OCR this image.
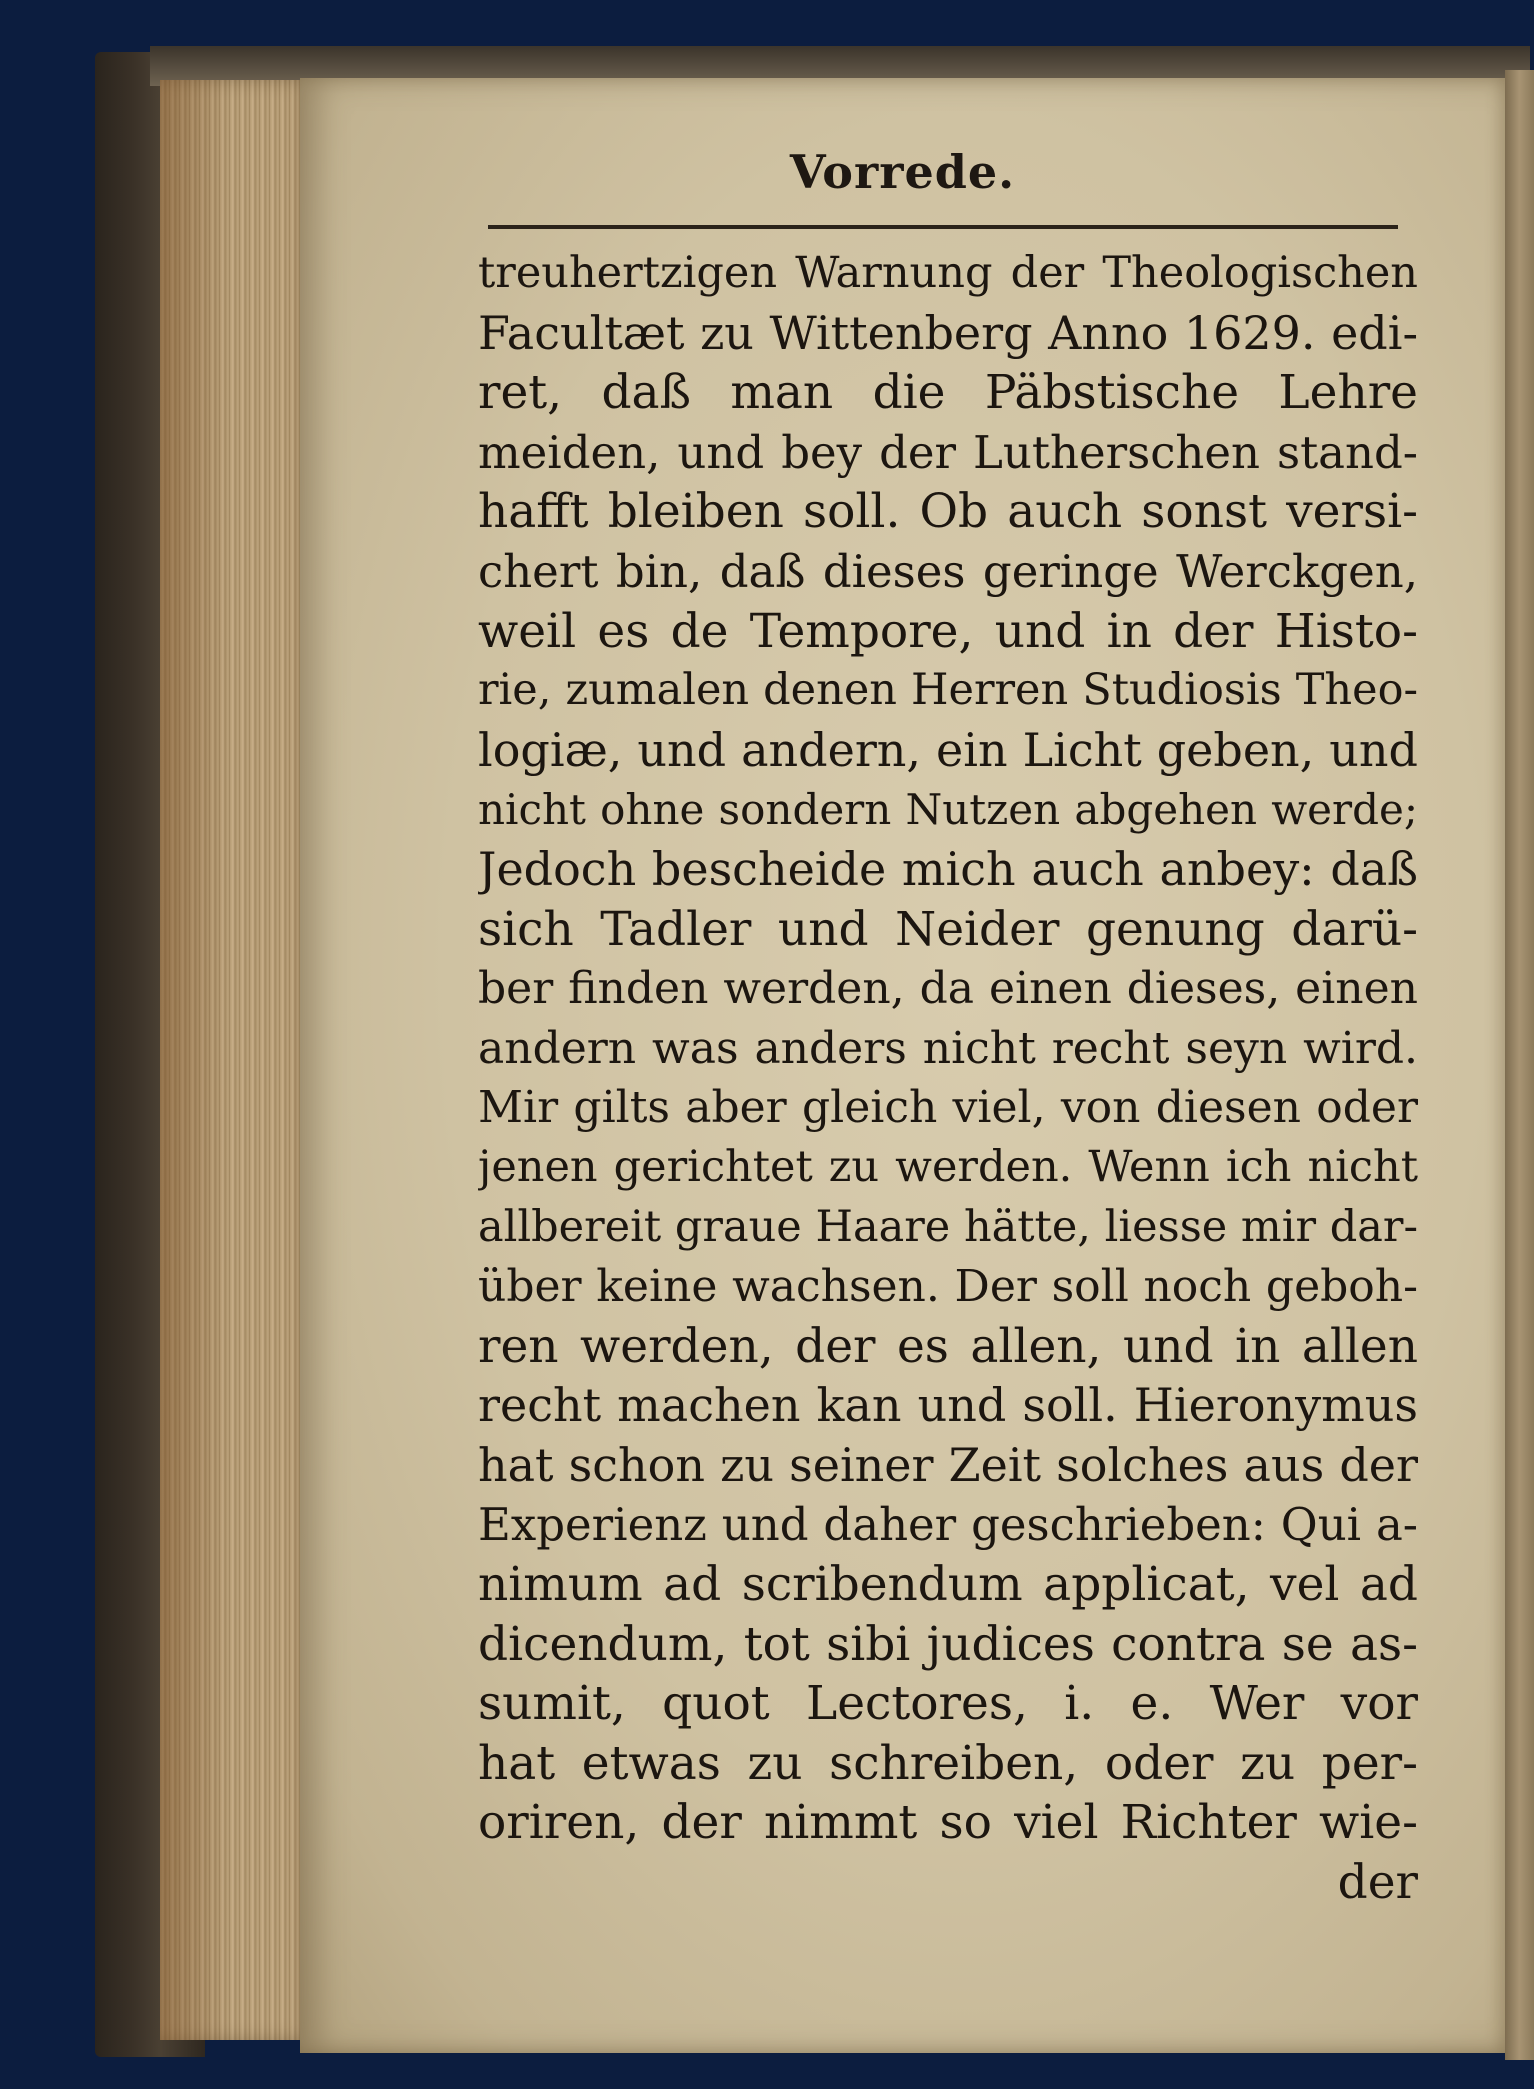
Vorrede.
treuhertzigen Warnung der Theologischen
Facultæt zu Wittenberg Anno 1629. edi-
ret, daß man die Päbstische Lehre
meiden, und bey der Lutherschen stand-
hafft bleiben soll. Ob auch sonst versi-
chert bin, daß dieses geringe Werckgen,
weil es de Tempore, und in der Histo-
rie, zumalen denen Herren Studiosis Theo-
logiæ, und andern, ein Licht geben, und
nicht ohne sondern Nutzen abgehen werde;
Jedoch bescheide mich auch anbey: daß
sich Tadler und Neider genung darü-
ber finden werden, da einen dieses, einen
andern was anders nicht recht seyn wird.
Mir gilts aber gleich viel, von diesen oder
jenen gerichtet zu werden. Wenn ich nicht
allbereit graue Haare hätte, liesse mir dar-
über keine wachsen. Der soll noch geboh-
ren werden, der es allen, und in allen
recht machen kan und soll. Hieronymus
hat schon zu seiner Zeit solches aus der
Experienz und daher geschrieben: Qui a-
nimum ad scribendum applicat, vel ad
dicendum, tot sibi judices contra se as-
sumit, quot Lectores, i. e. Wer vor
hat etwas zu schreiben, oder zu per-
oriren, der nimmt so viel Richter wie-
der
